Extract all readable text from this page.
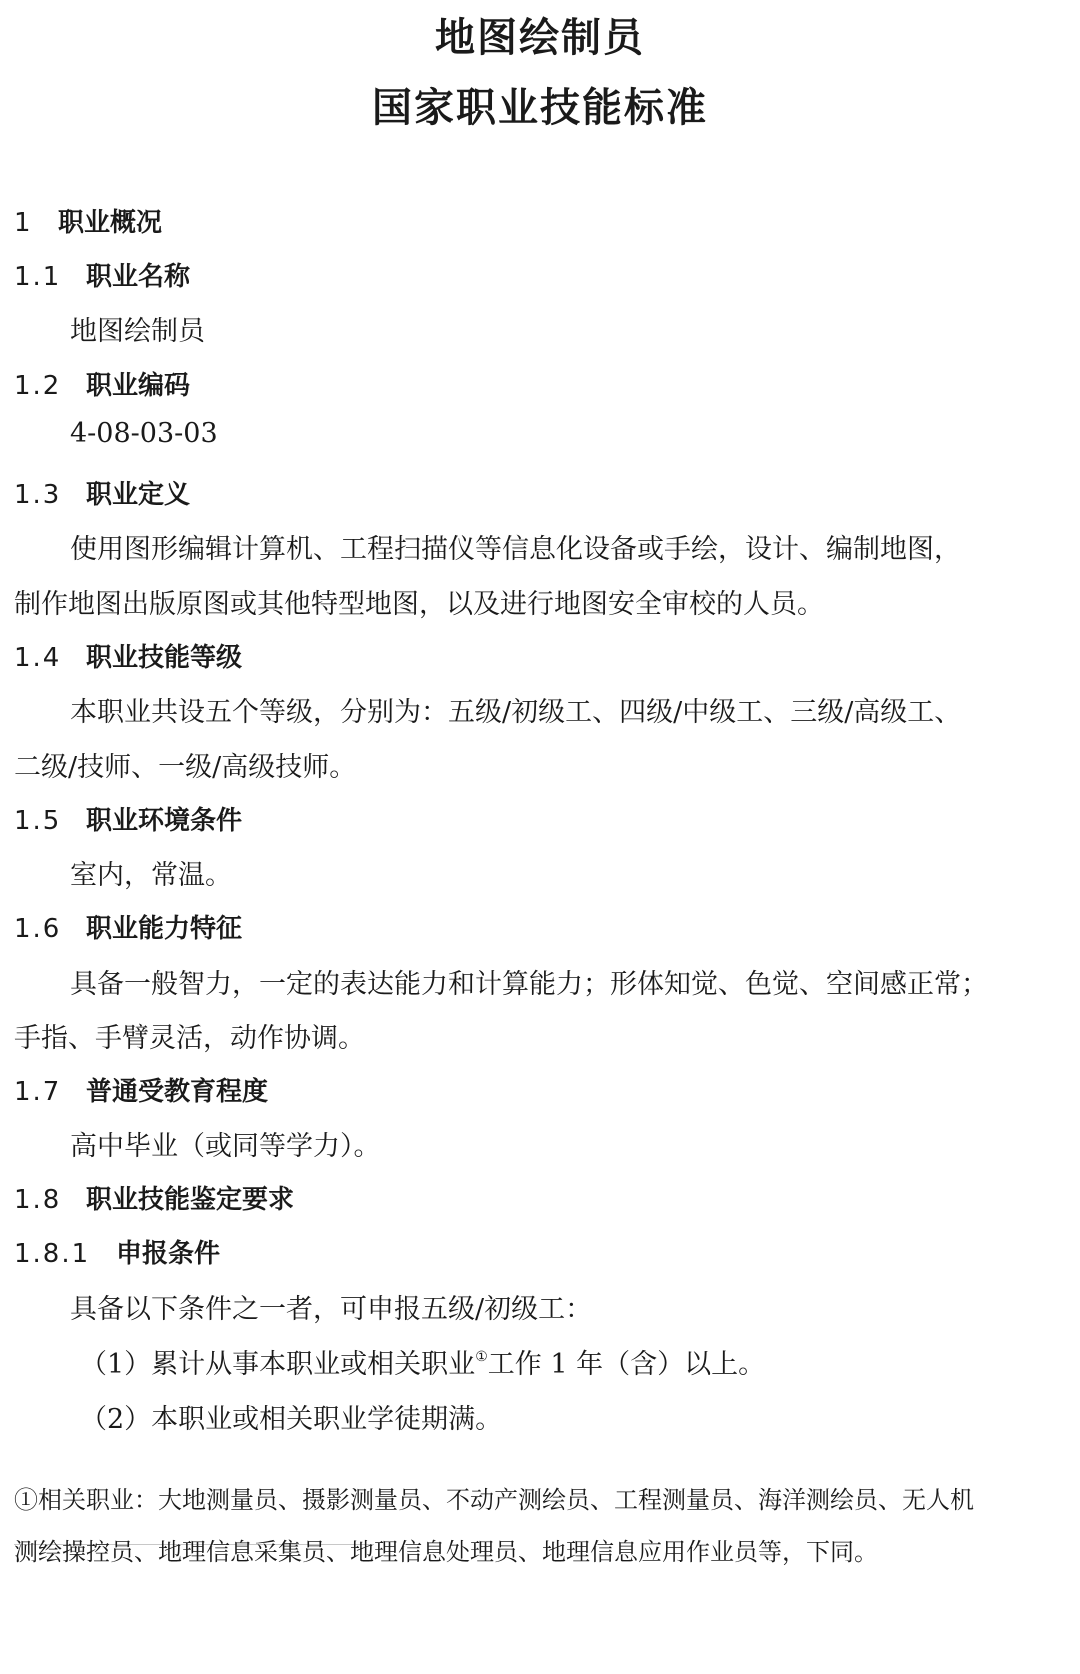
地图绘制员
国家职业技能标准
1 职业概况
1.1 职业名称
地图绘制员
1.2 职业编码
4-08-03-03
1.3 职业定义
使用图形编辑计算机、工程扫描仪等信息化设备或手绘，设计、编制地图，
制作地图出版原图或其他特型地图，以及进行地图安全审校的人员。
1.4 职业技能等级
本职业共设五个等级，分别为：五级/初级工、四级/中级工、三级/高级工、
二级/技师、一级/高级技师。
1.5 职业环境条件
室内，常温。
1.6 职业能力特征
具备一般智力，一定的表达能力和计算能力；形体知觉、色觉、空间感正常；
手指、手臂灵活，动作协调。
1.7 普通受教育程度
高中毕业（或同等学力）。
1.8 职业技能鉴定要求
1.8.1 申报条件
具备以下条件之一者，可申报五级/初级工：
（1）累计从事本职业或相关职业①工作 1 年（含）以上。
（2）本职业或相关职业学徒期满。
①相关职业：大地测量员、摄影测量员、不动产测绘员、工程测量员、海洋测绘员、无人机
测绘操控员、地理信息采集员、地理信息处理员、地理信息应用作业员等，下同。
